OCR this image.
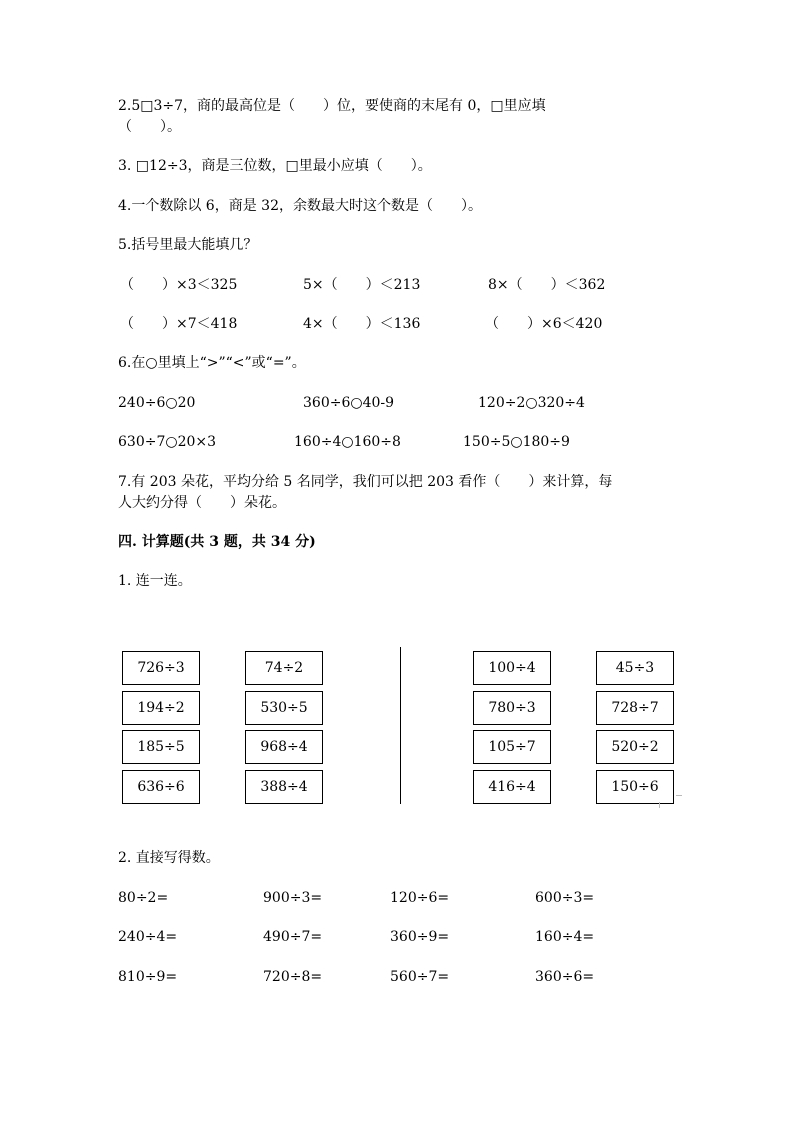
2.5□3÷7，商的最高位是（　　）位，要使商的末尾有 0，□里应填
（　　）。
3. □12÷3，商是三位数，□里最小应填（　　）。
4.一个数除以 6，商是 32，余数最大时这个数是（　　）。
5.括号里最大能填几？
（　　）×3＜325	5×（　　）＜213	8×（　　）＜362
（　　）×7＜418	4×（　　）＜136	（　　）×6＜420
6.在○里填上“>”“<”或“=”。
240÷6○20	360÷6○40-9	120÷2○320÷4
630÷7○20×3	160÷4○160÷8	150÷5○180÷9
7.有 203 朵花，平均分给 5 名同学，我们可以把 203 看作（　　）来计算，每
人大约分得（　　）朵花。
四. 计算题(共 3 题，共 34 分)
1. 连一连。
726÷3
194÷2
185÷5
636÷6
74÷2
530÷5
968÷4
388÷4
100÷4
780÷3
105÷7
416÷4
45÷3
728÷7
520÷2
150÷6
2. 直接写得数。
80÷2=	900÷3=	120÷6=	600÷3=
240÷4=	490÷7=	360÷9=	160÷4=
810÷9=	720÷8=	560÷7=	360÷6=
